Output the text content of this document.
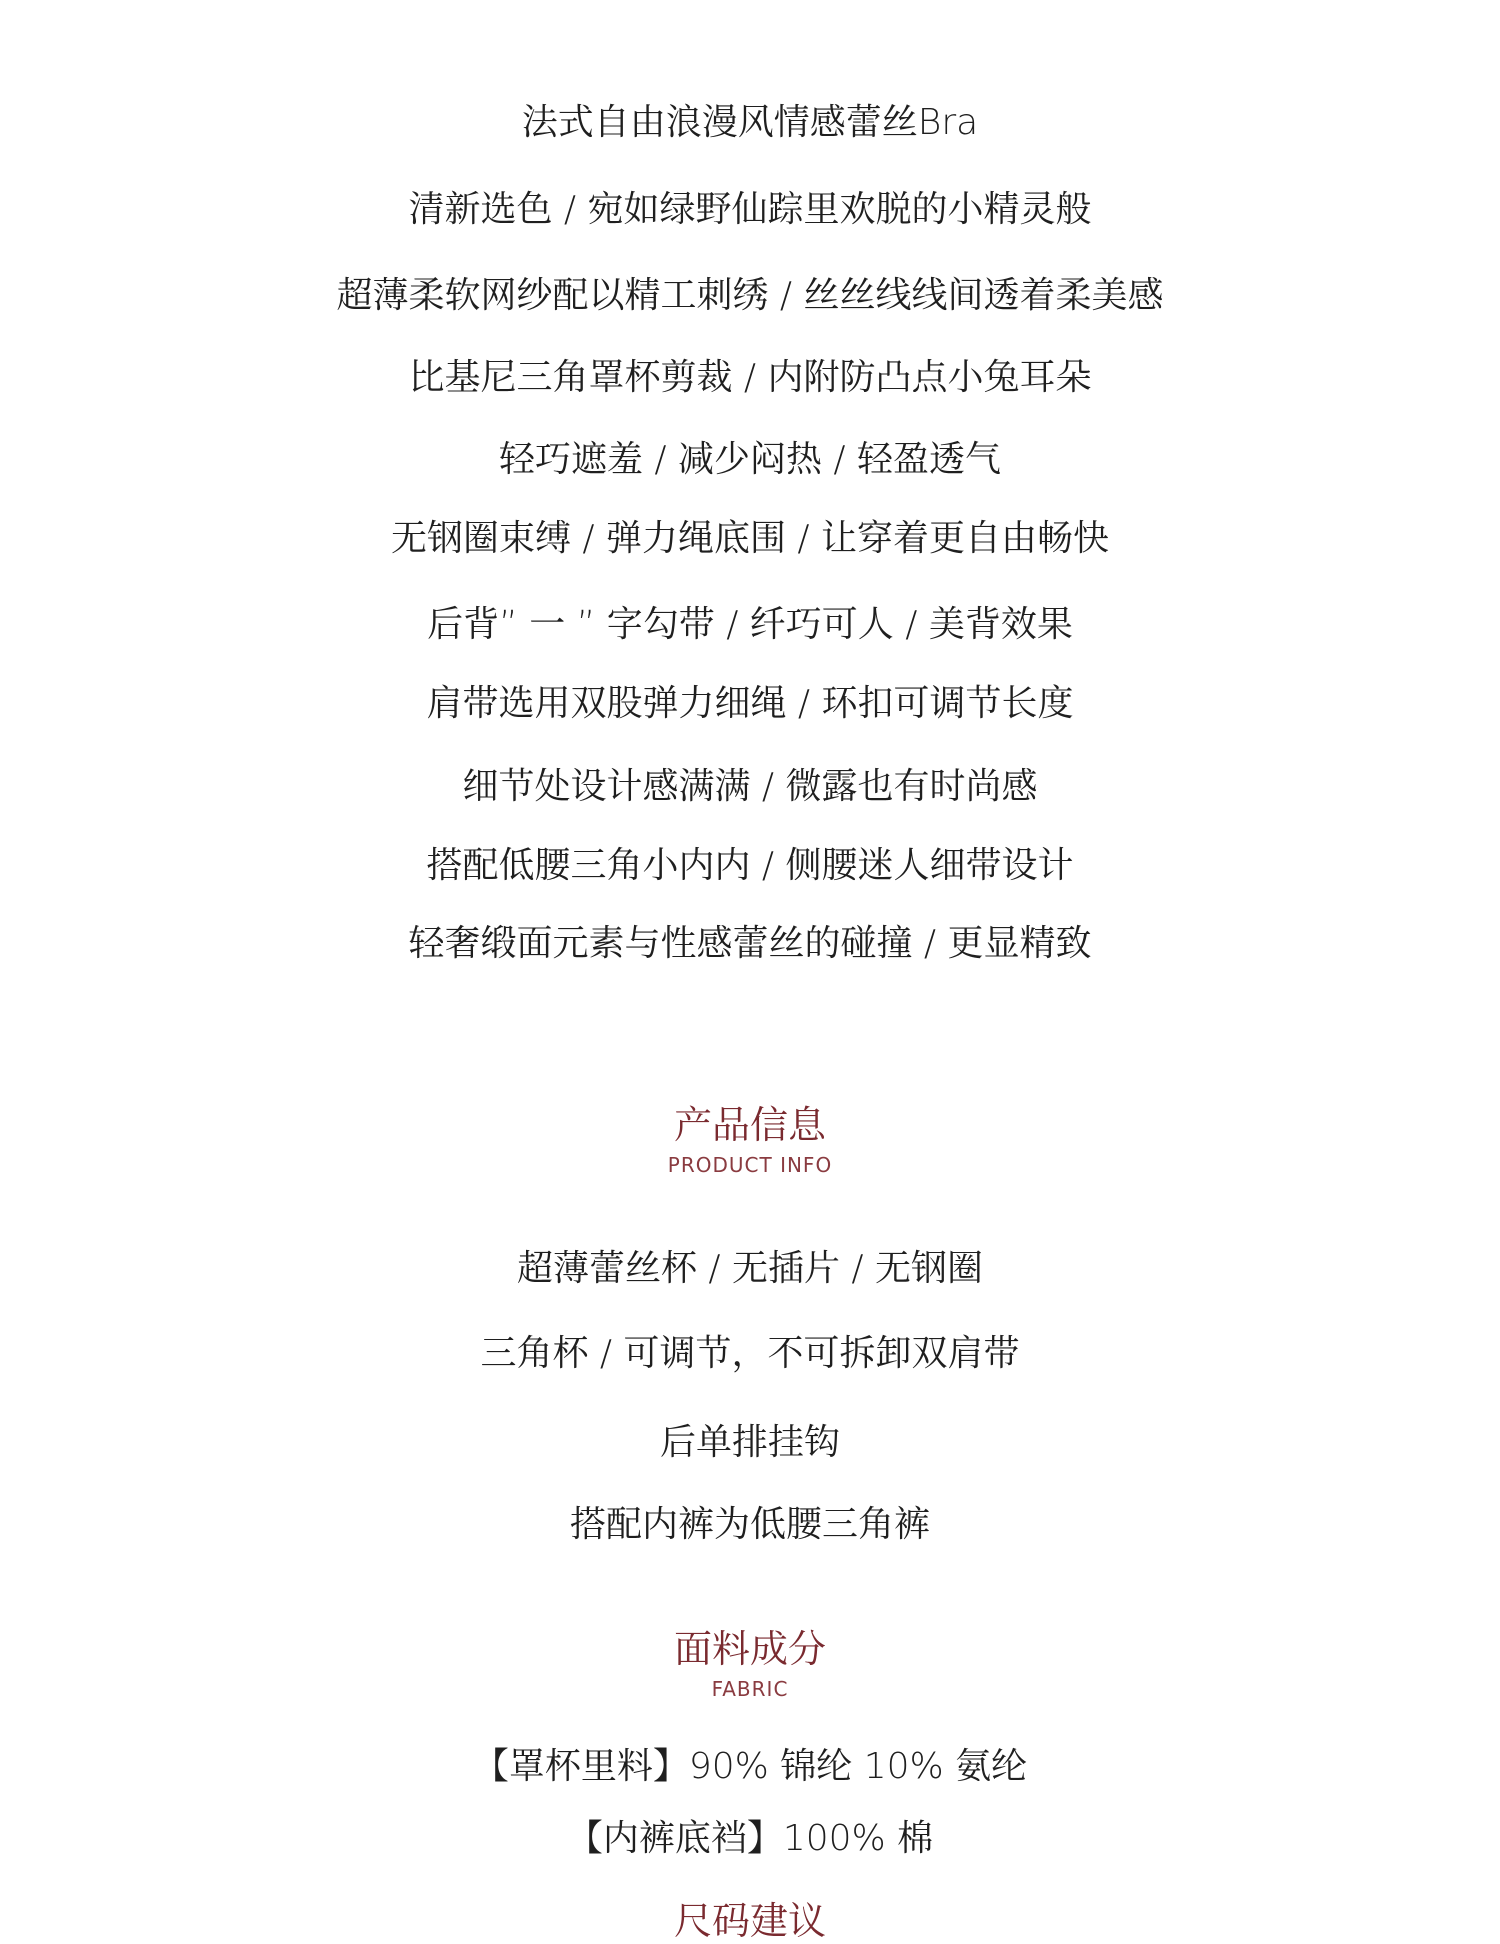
法式自由浪漫风情感蕾丝Bra
清新选色 / 宛如绿野仙踪里欢脱的小精灵般
超薄柔软网纱配以精工刺绣 / 丝丝线线间透着柔美感
比基尼三角罩杯剪裁 / 内附防凸点小兔耳朵
轻巧遮羞 / 减少闷热 / 轻盈透气
无钢圈束缚 / 弹力绳底围 / 让穿着更自由畅快
后背” 一 ” 字勾带 / 纤巧可人 / 美背效果
肩带选用双股弹力细绳 / 环扣可调节长度
细节处设计感满满 / 微露也有时尚感
搭配低腰三角小内内 / 侧腰迷人细带设计
轻奢缎面元素与性感蕾丝的碰撞 / 更显精致
产品信息
PRODUCT INFO
超薄蕾丝杯 / 无插片 / 无钢圈
三角杯 / 可调节，不可拆卸双肩带
后单排挂钩
搭配内裤为低腰三角裤
面料成分
FABRIC
【罩杯里料】90% 锦纶 10% 氨纶
【内裤底裆】100% 棉
尺码建议
